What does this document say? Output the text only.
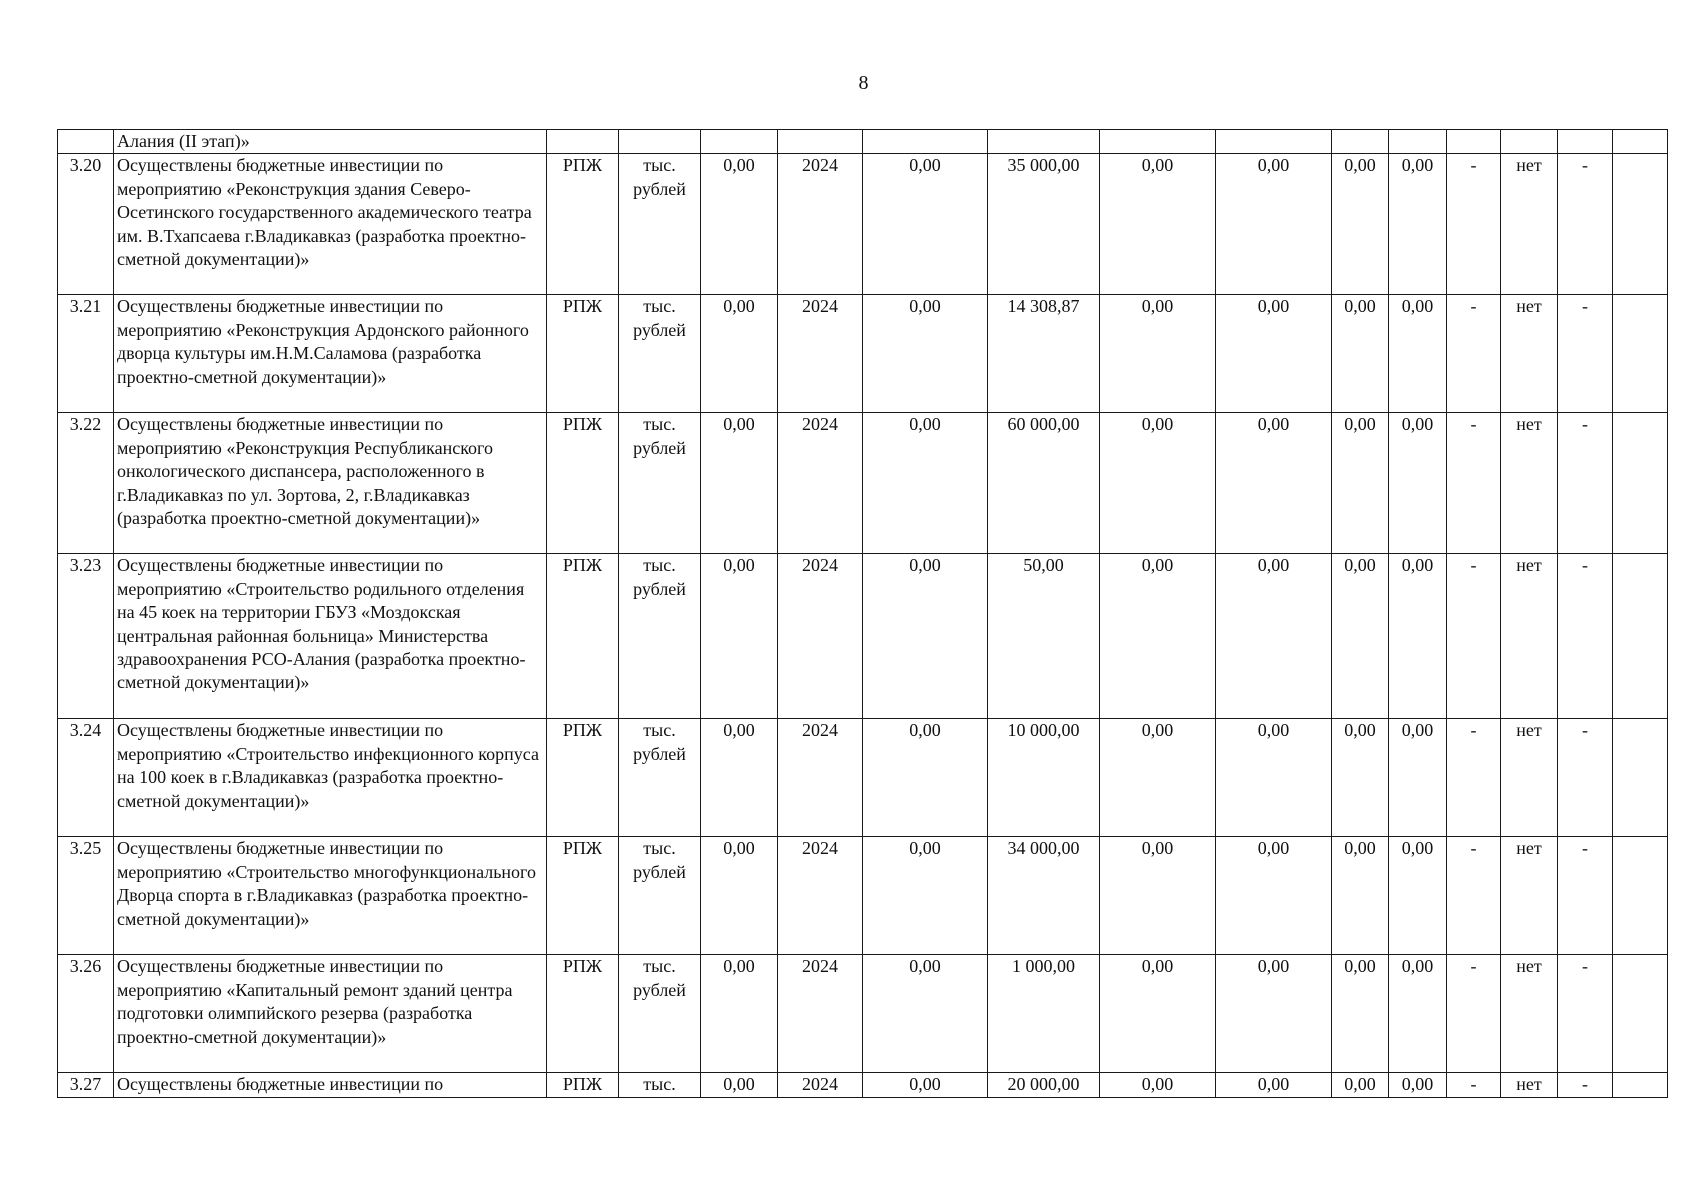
8
	Алания (II этап)»														
3.20	Осуществлены бюджетные инвестиции по мероприятию «Реконструкция здания Северо-Осетинского государственного академического театра им. В.Тхапсаева г.Владикавказ (разработка проектно-сметной документации)»	РПЖ	тыс. рублей	0,00	2024	0,00	35 000,00	0,00	0,00	0,00	0,00	-	нет	-	
3.21	Осуществлены бюджетные инвестиции по мероприятию «Реконструкция Ардонского районного дворца культуры им.Н.М.Саламова (разработка проектно-сметной документации)»	РПЖ	тыс. рублей	0,00	2024	0,00	14 308,87	0,00	0,00	0,00	0,00	-	нет	-	
3.22	Осуществлены бюджетные инвестиции по мероприятию «Реконструкция Республиканского онкологического диспансера, расположенного в г.Владикавказ по ул. Зортова, 2, г.Владикавказ (разработка проектно-сметной документации)»	РПЖ	тыс. рублей	0,00	2024	0,00	60 000,00	0,00	0,00	0,00	0,00	-	нет	-	
3.23	Осуществлены бюджетные инвестиции по мероприятию «Строительство родильного отделения на 45 коек на территории ГБУЗ «Моздокская центральная районная больница» Министерства здравоохранения РСО-Алания (разработка проектно-сметной документации)»	РПЖ	тыс. рублей	0,00	2024	0,00	50,00	0,00	0,00	0,00	0,00	-	нет	-	
3.24	Осуществлены бюджетные инвестиции по мероприятию «Строительство инфекционного корпуса на 100 коек в г.Владикавказ (разработка проектно-сметной документации)»	РПЖ	тыс. рублей	0,00	2024	0,00	10 000,00	0,00	0,00	0,00	0,00	-	нет	-	
3.25	Осуществлены бюджетные инвестиции по мероприятию «Строительство многофункционального Дворца спорта в г.Владикавказ (разработка проектно-сметной документации)»	РПЖ	тыс. рублей	0,00	2024	0,00	34 000,00	0,00	0,00	0,00	0,00	-	нет	-	
3.26	Осуществлены бюджетные инвестиции по мероприятию «Капитальный ремонт зданий центра подготовки олимпийского резерва (разработка проектно-сметной документации)»	РПЖ	тыс. рублей	0,00	2024	0,00	1 000,00	0,00	0,00	0,00	0,00	-	нет	-	
3.27	Осуществлены бюджетные инвестиции по	РПЖ	тыс.	0,00	2024	0,00	20 000,00	0,00	0,00	0,00	0,00	-	нет	-	
